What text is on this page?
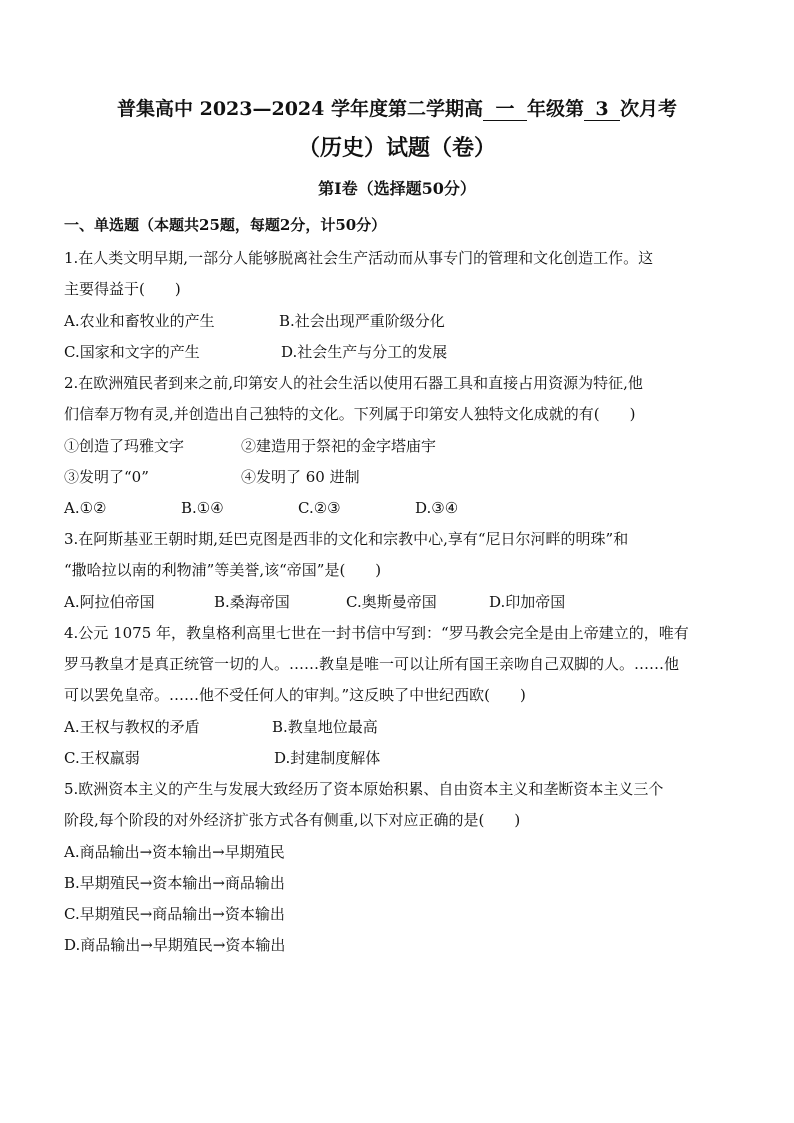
普集高中 2023—2024 学年度第二学期高 一 年级第 3 次月考
（历史）试题（卷）
第Ⅰ卷（选择题50分）
一、单选题（本题共25题，每题2分，计50分）
1.在人类文明早期,一部分人能够脱离社会生产活动而从事专门的管理和文化创造工作。这
主要得益于(　　)
A.农业和畜牧业的产生	B.社会出现严重阶级分化
C.国家和文字的产生	D.社会生产与分工的发展
2.在欧洲殖民者到来之前,印第安人的社会生活以使用石器工具和直接占用资源为特征,他
们信奉万物有灵,并创造出自己独特的文化。下列属于印第安人独特文化成就的有(　　)
①创造了玛雅文字	②建造用于祭祀的金字塔庙宇
③发明了“0”	④发明了 60 进制
A.①②	B.①④	C.②③	D.③④
3.在阿斯基亚王朝时期,廷巴克图是西非的文化和宗教中心,享有“尼日尔河畔的明珠”和
“撒哈拉以南的利物浦”等美誉,该“帝国”是(　　)
A.阿拉伯帝国	B.桑海帝国	C.奥斯曼帝国	D.印加帝国
4.公元 1075 年，教皇格利高里七世在一封书信中写到：“罗马教会完全是由上帝建立的，唯有
罗马教皇才是真正统管一切的人。……教皇是唯一可以让所有国王亲吻自己双脚的人。……他
可以罢免皇帝。……他不受任何人的审判。”这反映了中世纪西欧(　　)
A.王权与教权的矛盾	B.教皇地位最高
C.王权羸弱	D.封建制度解体
5.欧洲资本主义的产生与发展大致经历了资本原始积累、自由资本主义和垄断资本主义三个
阶段,每个阶段的对外经济扩张方式各有侧重,以下对应正确的是(　　)
A.商品输出→资本输出→早期殖民
B.早期殖民→资本输出→商品输出
C.早期殖民→商品输出→资本输出
D.商品输出→早期殖民→资本输出
